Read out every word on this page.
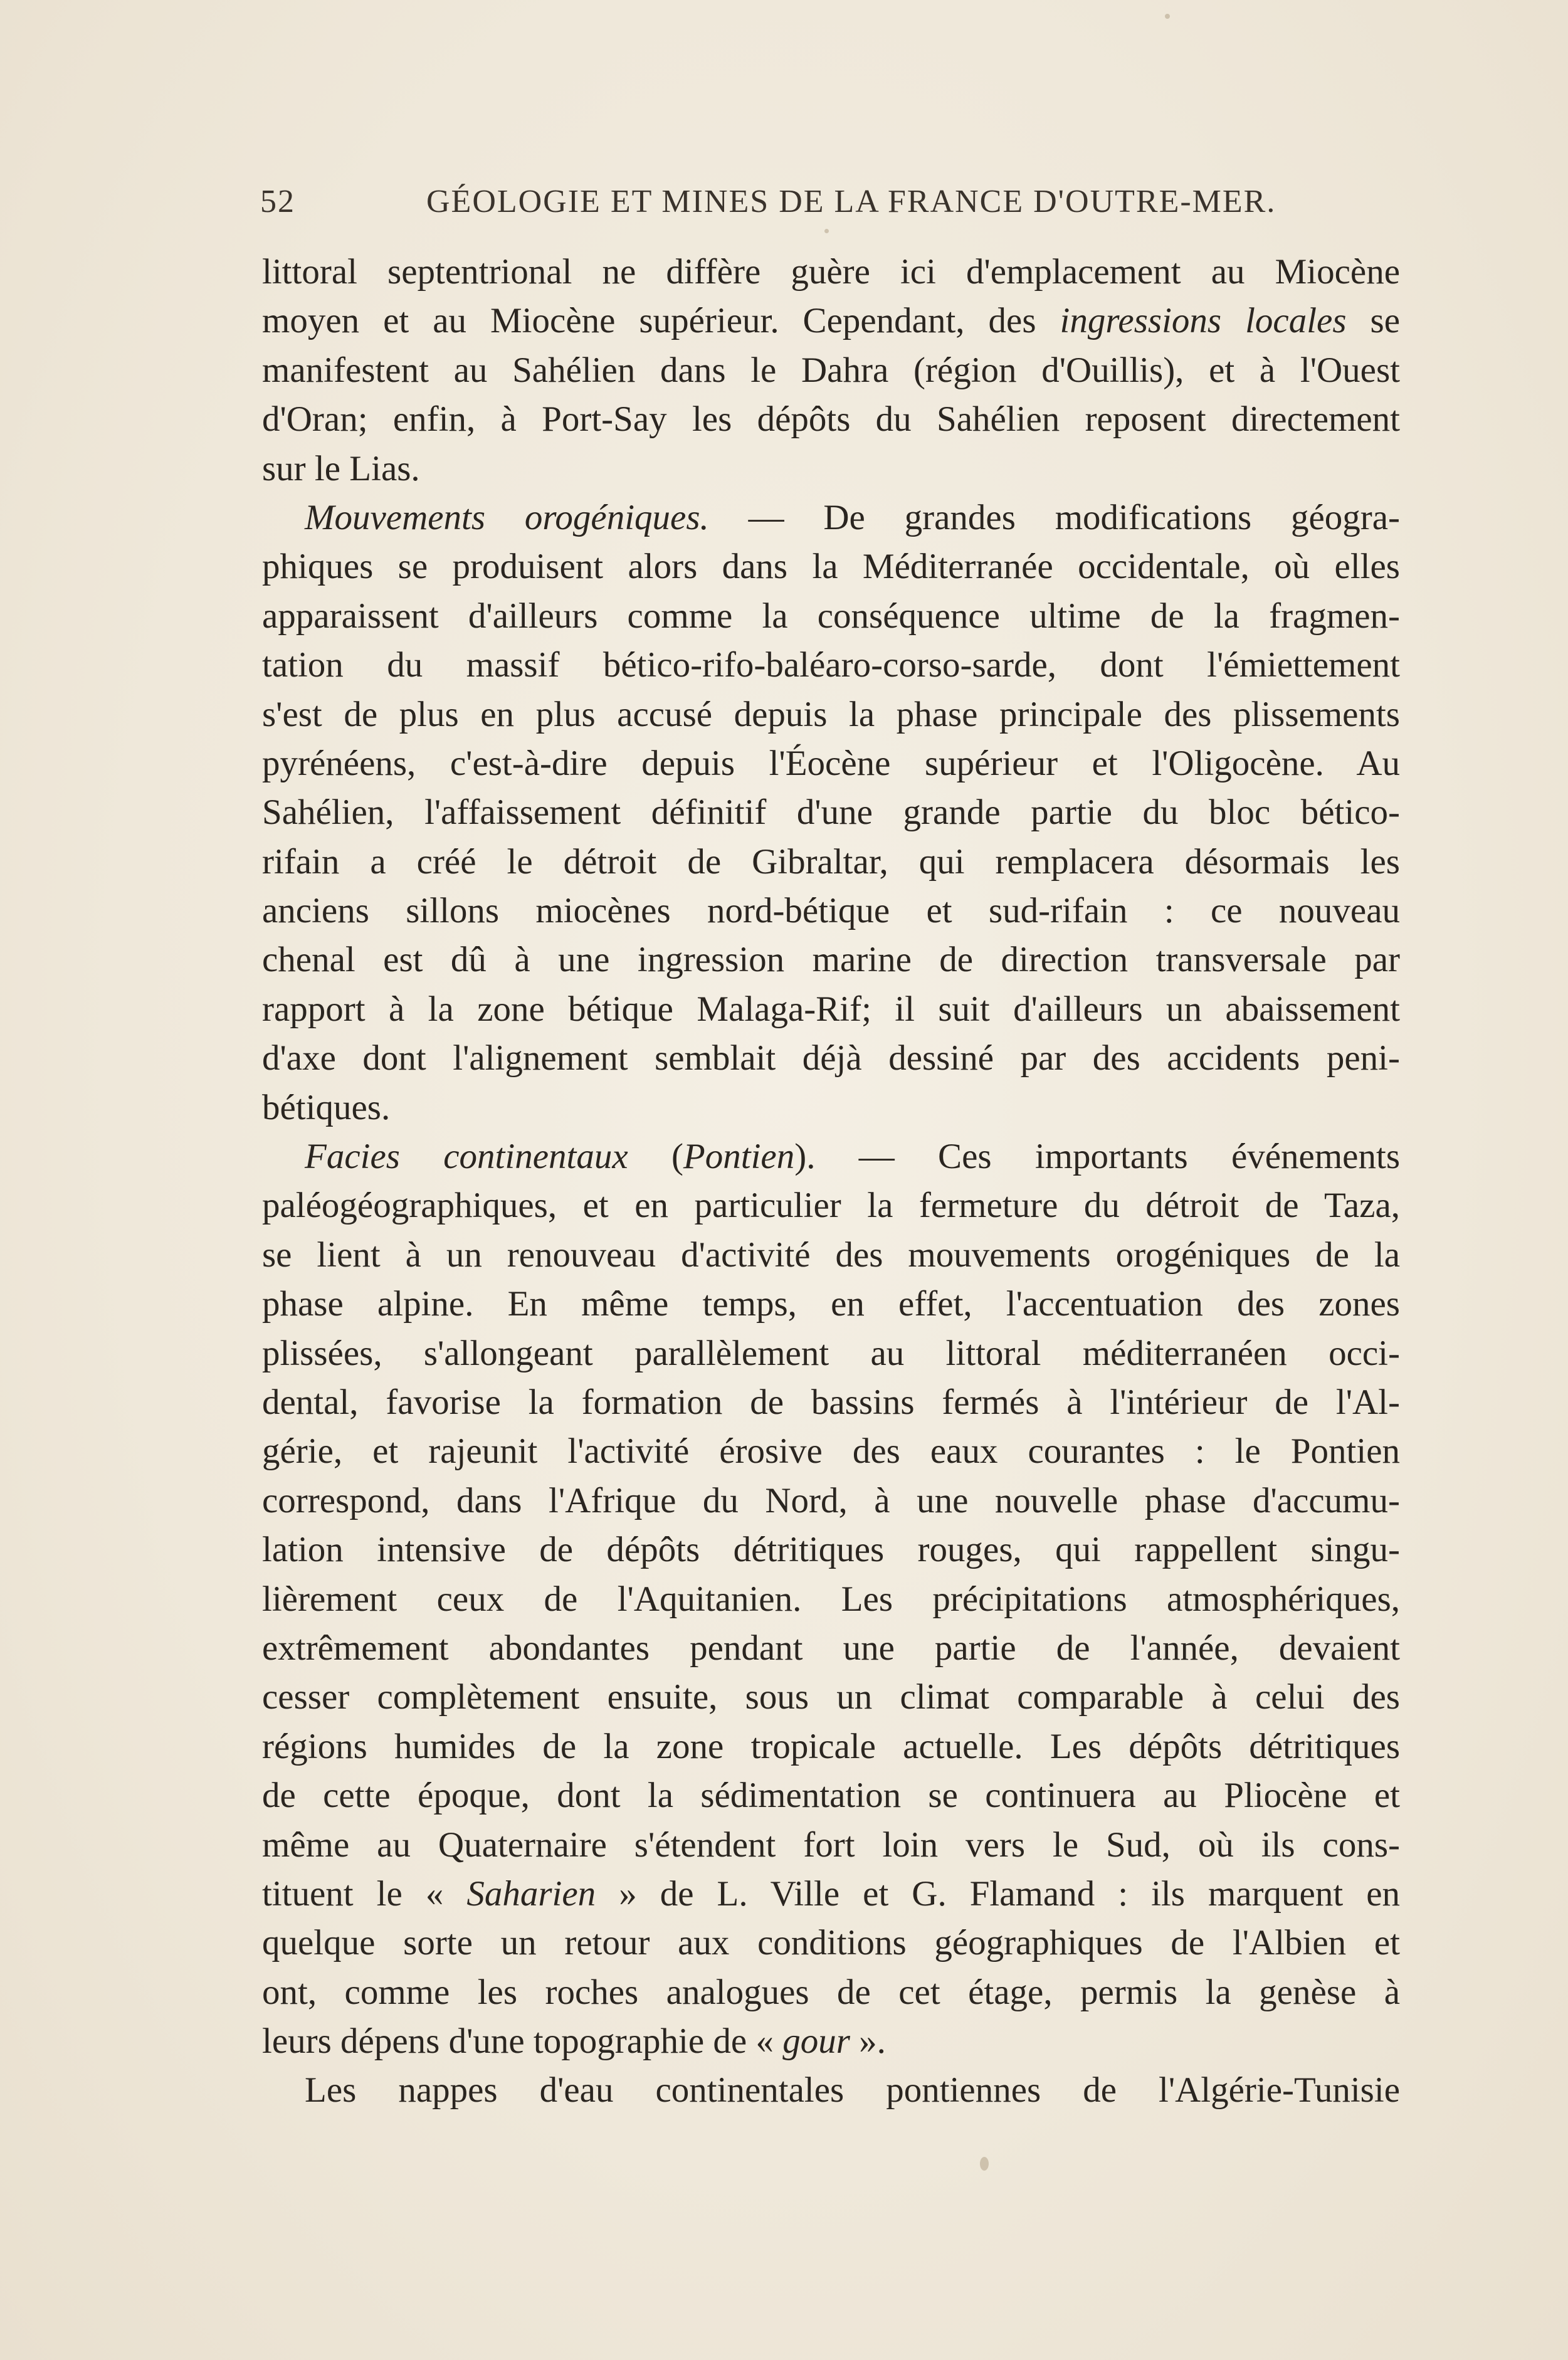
52	GÉOLOGIE ET MINES DE LA FRANCE D'OUTRE-MER.
littoral septentrional ne diffère guère ici d'emplacement au Miocène
moyen et au Miocène supérieur. Cependant, des ingressions locales se
manifestent au Sahélien dans le Dahra (région d'Ouillis), et à l'Ouest
d'Oran; enfin, à Port-Say les dépôts du Sahélien reposent directement
sur le Lias.
Mouvements orogéniques. — De grandes modifications géogra-
phiques se produisent alors dans la Méditerranée occidentale, où elles
apparaissent d'ailleurs comme la conséquence ultime de la fragmen-
tation du massif bético-rifo-baléaro-corso-sarde, dont l'émiettement
s'est de plus en plus accusé depuis la phase principale des plissements
pyrénéens, c'est-à-dire depuis l'Éocène supérieur et l'Oligocène. Au
Sahélien, l'affaissement définitif d'une grande partie du bloc bético-
rifain a créé le détroit de Gibraltar, qui remplacera désormais les
anciens sillons miocènes nord-bétique et sud-rifain : ce nouveau
chenal est dû à une ingression marine de direction transversale par
rapport à la zone bétique Malaga-Rif; il suit d'ailleurs un abaissement
d'axe dont l'alignement semblait déjà dessiné par des accidents peni-
bétiques.
Facies continentaux (Pontien). — Ces importants événements
paléogéographiques, et en particulier la fermeture du détroit de Taza,
se lient à un renouveau d'activité des mouvements orogéniques de la
phase alpine. En même temps, en effet, l'accentuation des zones
plissées, s'allongeant parallèlement au littoral méditerranéen occi-
dental, favorise la formation de bassins fermés à l'intérieur de l'Al-
gérie, et rajeunit l'activité érosive des eaux courantes : le Pontien
correspond, dans l'Afrique du Nord, à une nouvelle phase d'accumu-
lation intensive de dépôts détritiques rouges, qui rappellent singu-
lièrement ceux de l'Aquitanien. Les précipitations atmosphériques,
extrêmement abondantes pendant une partie de l'année, devaient
cesser complètement ensuite, sous un climat comparable à celui des
régions humides de la zone tropicale actuelle. Les dépôts détritiques
de cette époque, dont la sédimentation se continuera au Pliocène et
même au Quaternaire s'étendent fort loin vers le Sud, où ils cons-
tituent le « Saharien » de L. Ville et G. Flamand : ils marquent en
quelque sorte un retour aux conditions géographiques de l'Albien et
ont, comme les roches analogues de cet étage, permis la genèse à
leurs dépens d'une topographie de « gour ».
Les nappes d'eau continentales pontiennes de l'Algérie-Tunisie
